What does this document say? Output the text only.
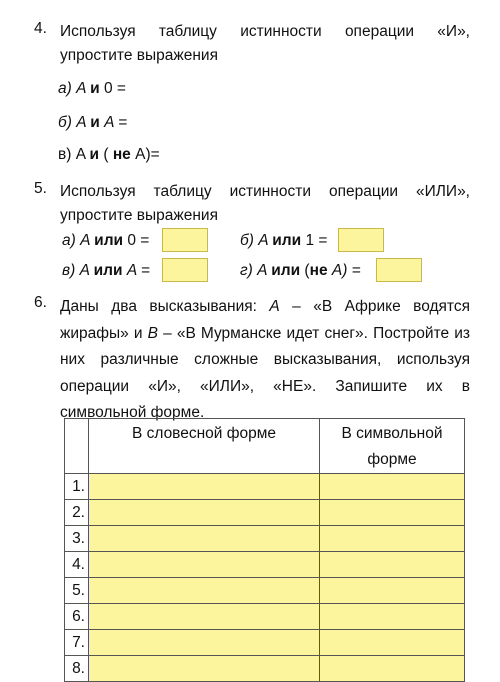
4. Используя таблицу истинности операции «И», упростите выражения
а) A и 0 =
б) A и A =
в) A и ( не A)=
5. Используя таблицу истинности операции «ИЛИ», упростите выражения
а) A или 0 =	б) A или 1 =
в) A или A =	г) A или (не A) =
6. Даны два высказывания: A – «В Африке водятся жирафы» и B – «В Мурманске идет снег». Постройте из них различные сложные высказывания, используя операции «И», «ИЛИ», «НЕ». Запишите их в символьной форме.
	В словесной форме	В символьной форме
1.		
2.		
3.		
4.		
5.		
6.		
7.		
8.		
